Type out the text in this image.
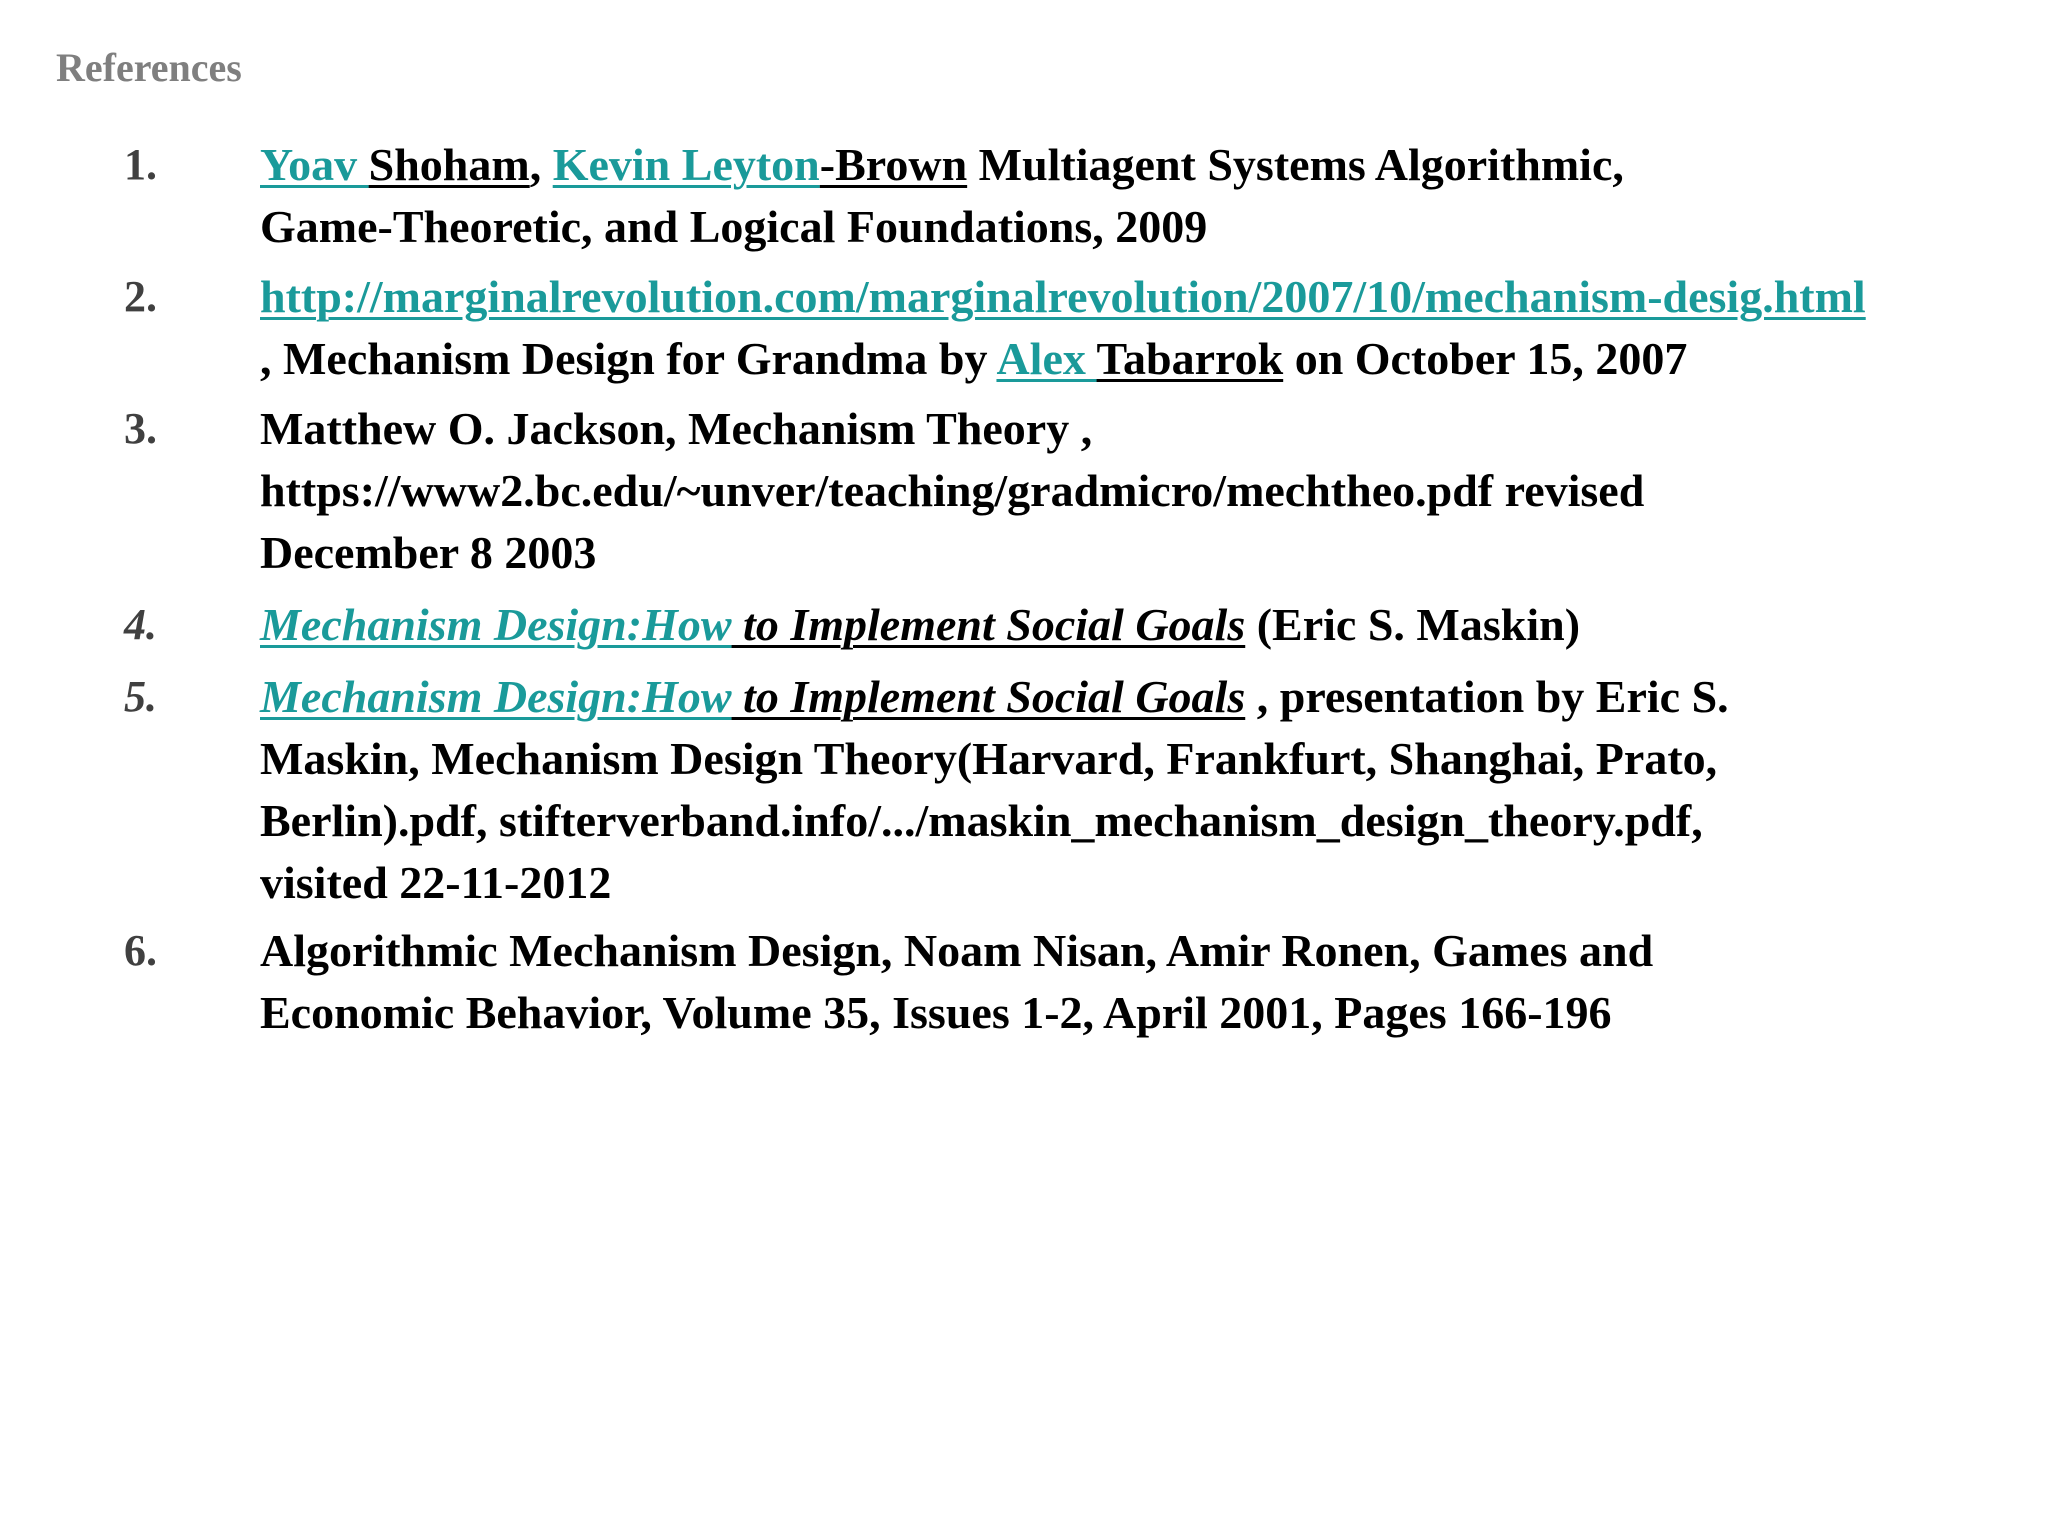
References
1. Yoav Shoham, Kevin Leyton-Brown Multiagent Systems Algorithmic,
Game-Theoretic, and Logical Foundations, 2009
2. http://marginalrevolution.com/marginalrevolution/2007/10/mechanism-desig.html
, Mechanism Design for Grandma by Alex Tabarrok on October 15, 2007
3. Matthew O. Jackson, Mechanism Theory ,
https://www2.bc.edu/~unver/teaching/gradmicro/mechtheo.pdf revised
December 8 2003
4. Mechanism Design:How to Implement Social Goals (Eric S. Maskin)
5. Mechanism Design:How to Implement Social Goals , presentation by Eric S.
Maskin, Mechanism Design Theory(Harvard, Frankfurt, Shanghai, Prato,
Berlin).pdf, stifterverband.info/.../maskin_mechanism_design_theory.pdf,
visited 22-11-2012
6. Algorithmic Mechanism Design, Noam Nisan, Amir Ronen, Games and
Economic Behavior, Volume 35, Issues 1-2, April 2001, Pages 166-196
